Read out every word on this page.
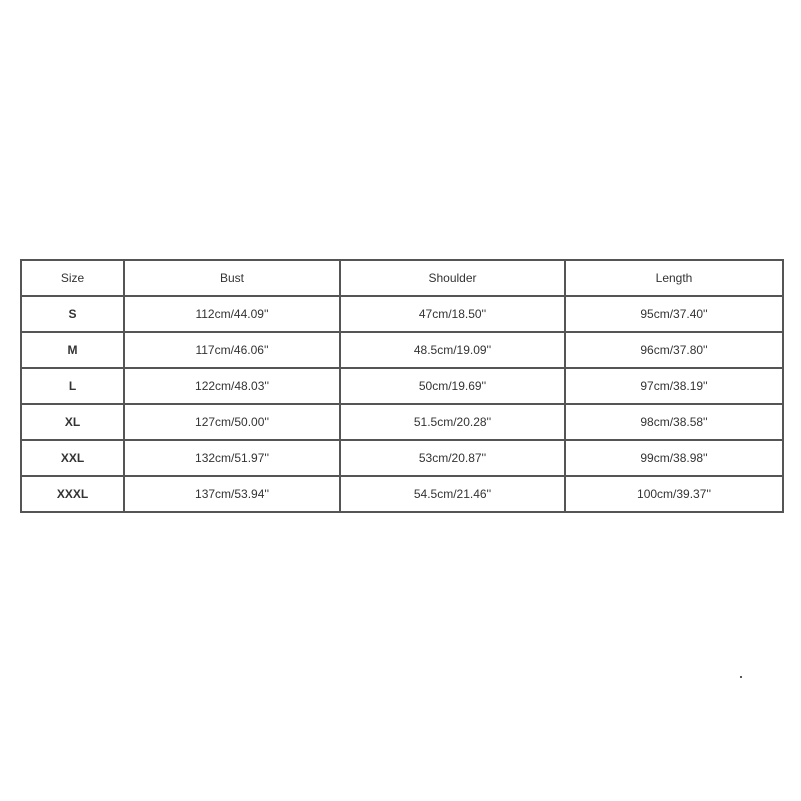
Size	Bust	Shoulder	Length
S	112cm/44.09''	47cm/18.50''	95cm/37.40''
M	117cm/46.06''	48.5cm/19.09''	96cm/37.80''
L	122cm/48.03''	50cm/19.69''	97cm/38.19''
XL	127cm/50.00''	51.5cm/20.28''	98cm/38.58''
XXL	132cm/51.97''	53cm/20.87''	99cm/38.98''
XXXL	137cm/53.94''	54.5cm/21.46''	100cm/39.37''
